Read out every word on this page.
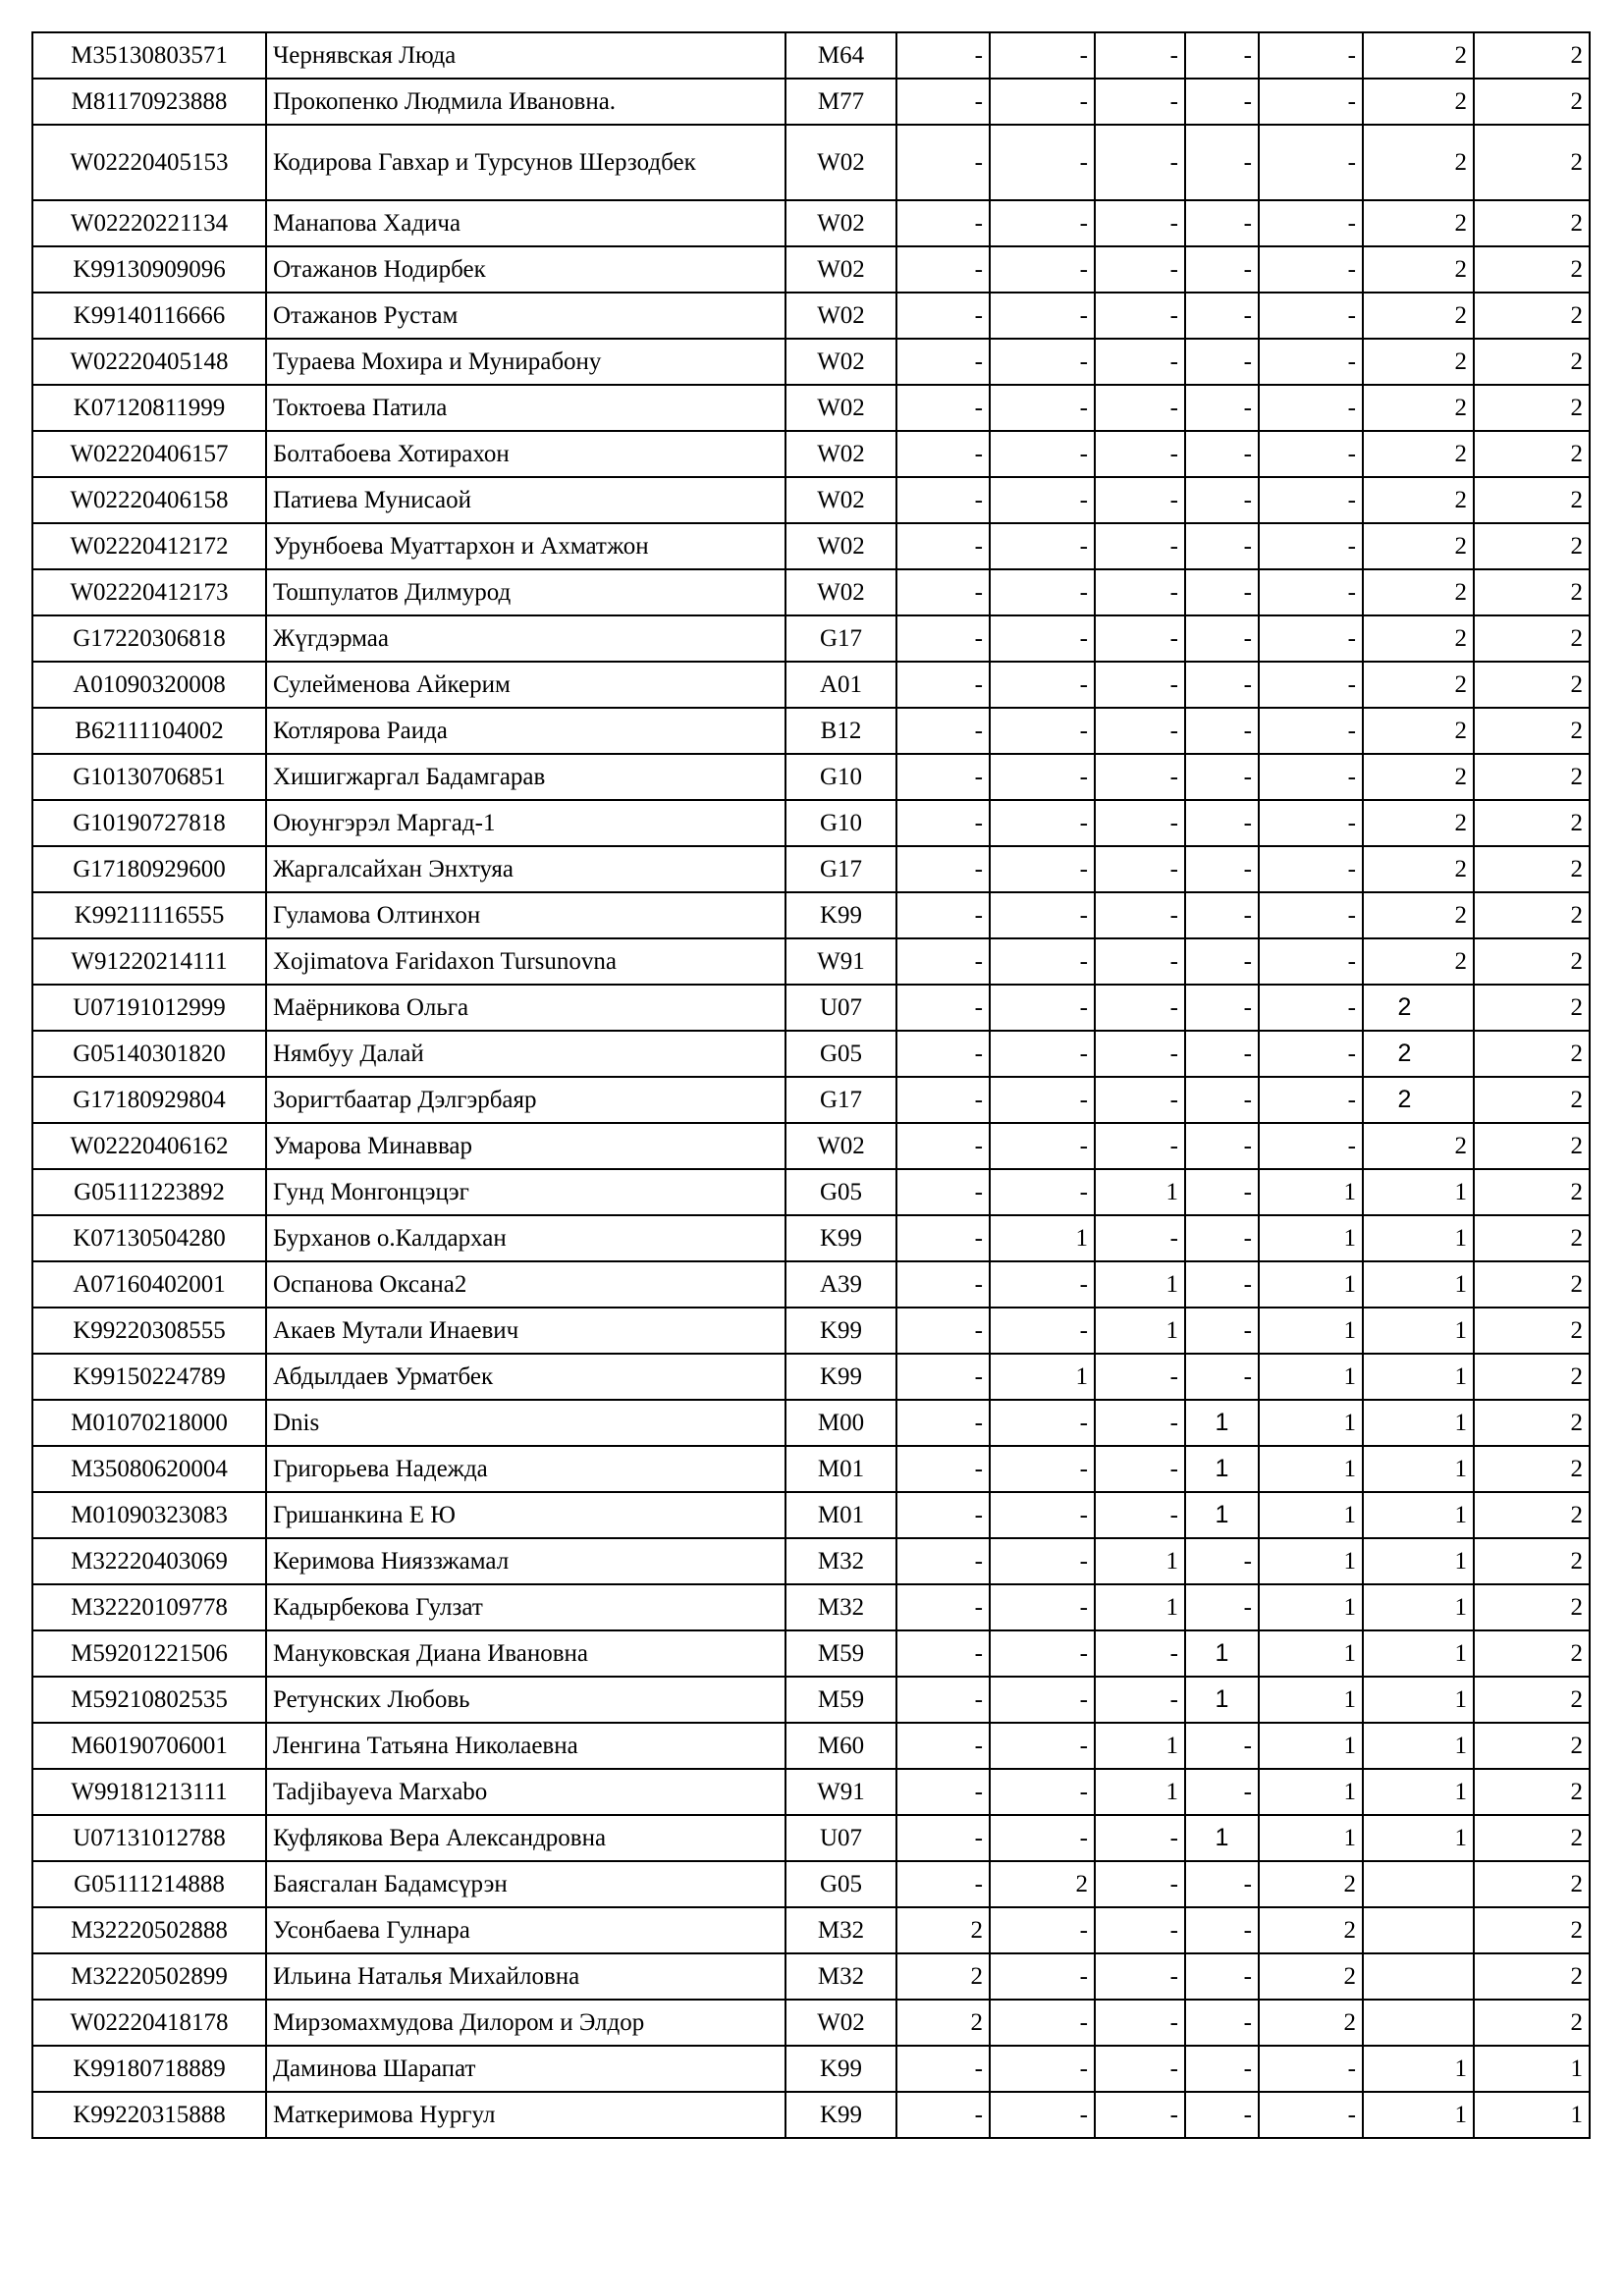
M35130803571	Чернявская Люда	M64	-	-	-	-	-	2	2
M81170923888	Прокопенко Людмила Ивановна.	M77	-	-	-	-	-	2	2
W02220405153	Кодирова Гавхар и Турсунов Шерзодбек	W02	-	-	-	-	-	2	2
W02220221134	Манапова Хадича	W02	-	-	-	-	-	2	2
K99130909096	Отажанов Нодирбек	W02	-	-	-	-	-	2	2
K99140116666	Отажанов Рустам	W02	-	-	-	-	-	2	2
W02220405148	Тураева Мохира и Мунирабону	W02	-	-	-	-	-	2	2
K07120811999	Токтоева Патила	W02	-	-	-	-	-	2	2
W02220406157	Болтабоева Хотирахон	W02	-	-	-	-	-	2	2
W02220406158	Патиева Мунисаой	W02	-	-	-	-	-	2	2
W02220412172	Урунбоева Муаттархон и Ахматжон	W02	-	-	-	-	-	2	2
W02220412173	Тошпулатов Дилмурод	W02	-	-	-	-	-	2	2
G17220306818	Жүгдэрмаа	G17	-	-	-	-	-	2	2
A01090320008	Сулейменова Айкерим	A01	-	-	-	-	-	2	2
B62111104002	Котлярова Раида	B12	-	-	-	-	-	2	2
G10130706851	Хишигжаргал Бадамгарав	G10	-	-	-	-	-	2	2
G10190727818	Оюунгэрэл Маргад-1	G10	-	-	-	-	-	2	2
G17180929600	Жаргалсайхан Энхтуяа	G17	-	-	-	-	-	2	2
K99211116555	Гуламова Олтинхон	K99	-	-	-	-	-	2	2
W91220214111	Xojimatova Faridaxon Tursunovna	W91	-	-	-	-	-	2	2
U07191012999	Маёрникова Ольга	U07	-	-	-	-	-	2	2
G05140301820	Нямбуу Далай	G05	-	-	-	-	-	2	2
G17180929804	Зоригтбаатар Дэлгэрбаяр	G17	-	-	-	-	-	2	2
W02220406162	Умарова Минаввар	W02	-	-	-	-	-	2	2
G05111223892	Гунд Монгонцэцэг	G05	-	-	1	-	1	1	2
K07130504280	Бурханов о.Калдархан	K99	-	1	-	-	1	1	2
A07160402001	Оспанова Оксана2	A39	-	-	1	-	1	1	2
K99220308555	Акаев Мутали Инаевич	K99	-	-	1	-	1	1	2
K99150224789	Абдылдаев Урматбек	K99	-	1	-	-	1	1	2
M01070218000	Dnis	M00	-	-	-	1	1	1	2
M35080620004	Григорьева Надежда	M01	-	-	-	1	1	1	2
M01090323083	Гришанкина Е Ю	M01	-	-	-	1	1	1	2
M32220403069	Керимова Нияззжамал	M32	-	-	1	-	1	1	2
M32220109778	Кадырбекова Гулзат	M32	-	-	1	-	1	1	2
M59201221506	Мануковская Диана Ивановна	M59	-	-	-	1	1	1	2
M59210802535	Ретунских Любовь	M59	-	-	-	1	1	1	2
M60190706001	Ленгина Татьяна Николаевна	M60	-	-	1	-	1	1	2
W99181213111	Tadjibayeva Marxabo	W91	-	-	1	-	1	1	2
U07131012788	Куфлякова Вера Александровна	U07	-	-	-	1	1	1	2
G05111214888	Баясгалан Бадамсүрэн	G05	-	2	-	-	2		2
M32220502888	Усонбаева Гулнара	M32	2	-	-	-	2		2
M32220502899	Ильина Наталья Михайловна	M32	2	-	-	-	2		2
W02220418178	Мирзомахмудова Дилором и Элдор	W02	2	-	-	-	2		2
K99180718889	Даминова Шарапат	K99	-	-	-	-	-	1	1
K99220315888	Маткеримова Нургул	K99	-	-	-	-	-	1	1
